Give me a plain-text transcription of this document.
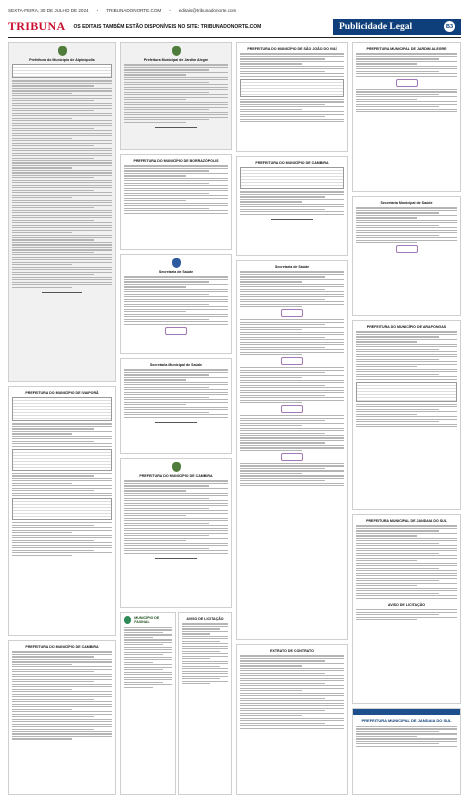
SEXTA-FEIRA, 30 DE JULHO DE 2024 • TRIBUNADONORTE.COM • editais@tribunadonorte.com
TRIBUNA OS EDITAIS TAMBÉM ESTÃO DISPONÍVEIS NO SITE: TRIBUNADONORTE.COM	Publicidade Legal	B3
Prefeitura do Município de Alpinópolis
PREFEITURA DO MUNICÍPIO DE IVAIPORÃ
PREFEITURA DO MUNICÍPIO DE CAMBIRA
Prefeitura Municipal de Jardim Alegre
PREFEITURA DO MUNICÍPIO DE BORRAZÓPOLIS
Secretaria de Saúde
Secretaria Municipal de Saúde
PREFEITURA DO MUNICÍPIO DE CAMBIRA
MUNICÍPIO DE FAXINAL
AVISO DE LICITAÇÃO
PREFEITURA DO MUNICÍPIO DE SÃO JOÃO DO IVAÍ
PREFEITURA DO MUNICÍPIO DE CAMBIRA
Secretaria de Saúde
EXTRATO DE CONTRATO
PREFEITURA MUNICIPAL DE JARDIM ALEGRE
Secretaria Municipal de Saúde
PREFEITURA DO MUNICÍPIO DE ARAPONGAS
PREFEITURA MUNICIPAL DE JANDAIA DO SUL
AVISO DE LICITAÇÃO
PREFEITURA MUNICIPAL DE JANDAIA DO SUL
